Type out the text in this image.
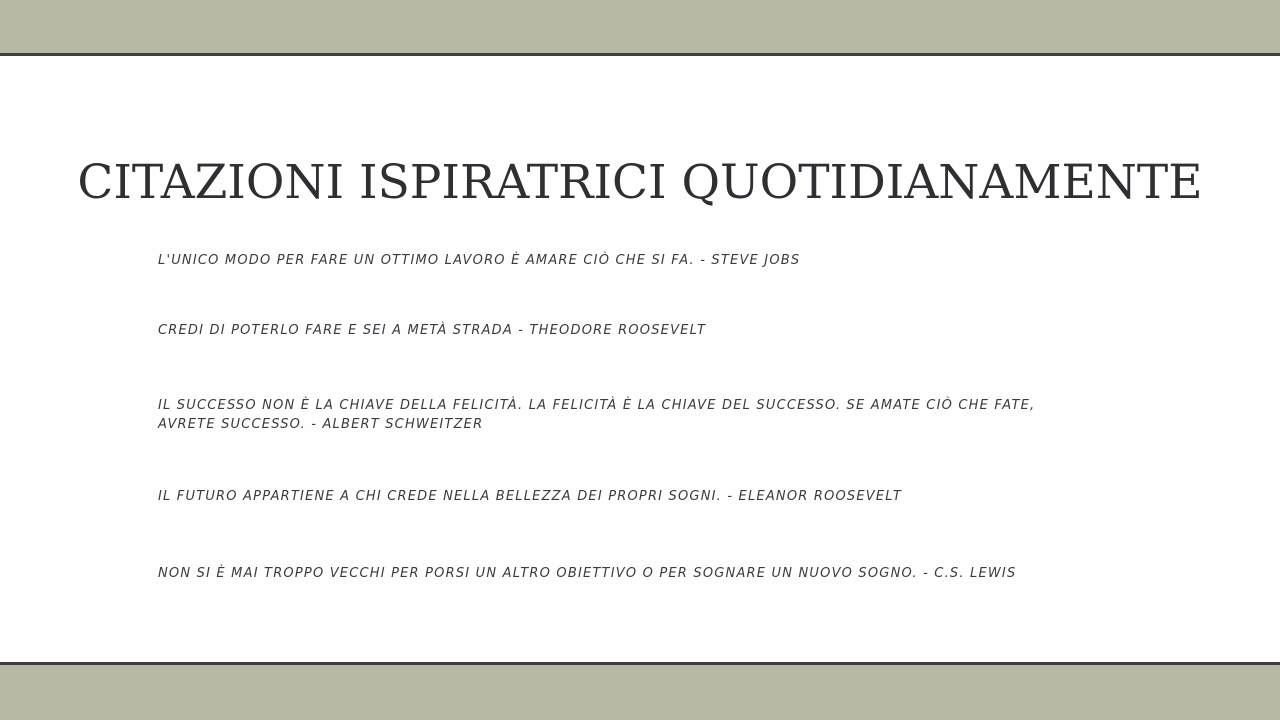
CITAZIONI ISPIRATRICI QUOTIDIANAMENTE

L'UNICO MODO PER FARE UN OTTIMO LAVORO È AMARE CIÒ CHE SI FA. - STEVE JOBS

CREDI DI POTERLO FARE E SEI A METÀ STRADA - THEODORE ROOSEVELT

IL SUCCESSO NON È LA CHIAVE DELLA FELICITÀ. LA FELICITÀ È LA CHIAVE DEL SUCCESSO. SE AMATE CIÒ CHE FATE, AVRETE SUCCESSO. - ALBERT SCHWEITZER

IL FUTURO APPARTIENE A CHI CREDE NELLA BELLEZZA DEI PROPRI SOGNI. - ELEANOR ROOSEVELT

NON SI È MAI TROPPO VECCHI PER PORSI UN ALTRO OBIETTIVO O PER SOGNARE UN NUOVO SOGNO. - C.S. LEWIS
